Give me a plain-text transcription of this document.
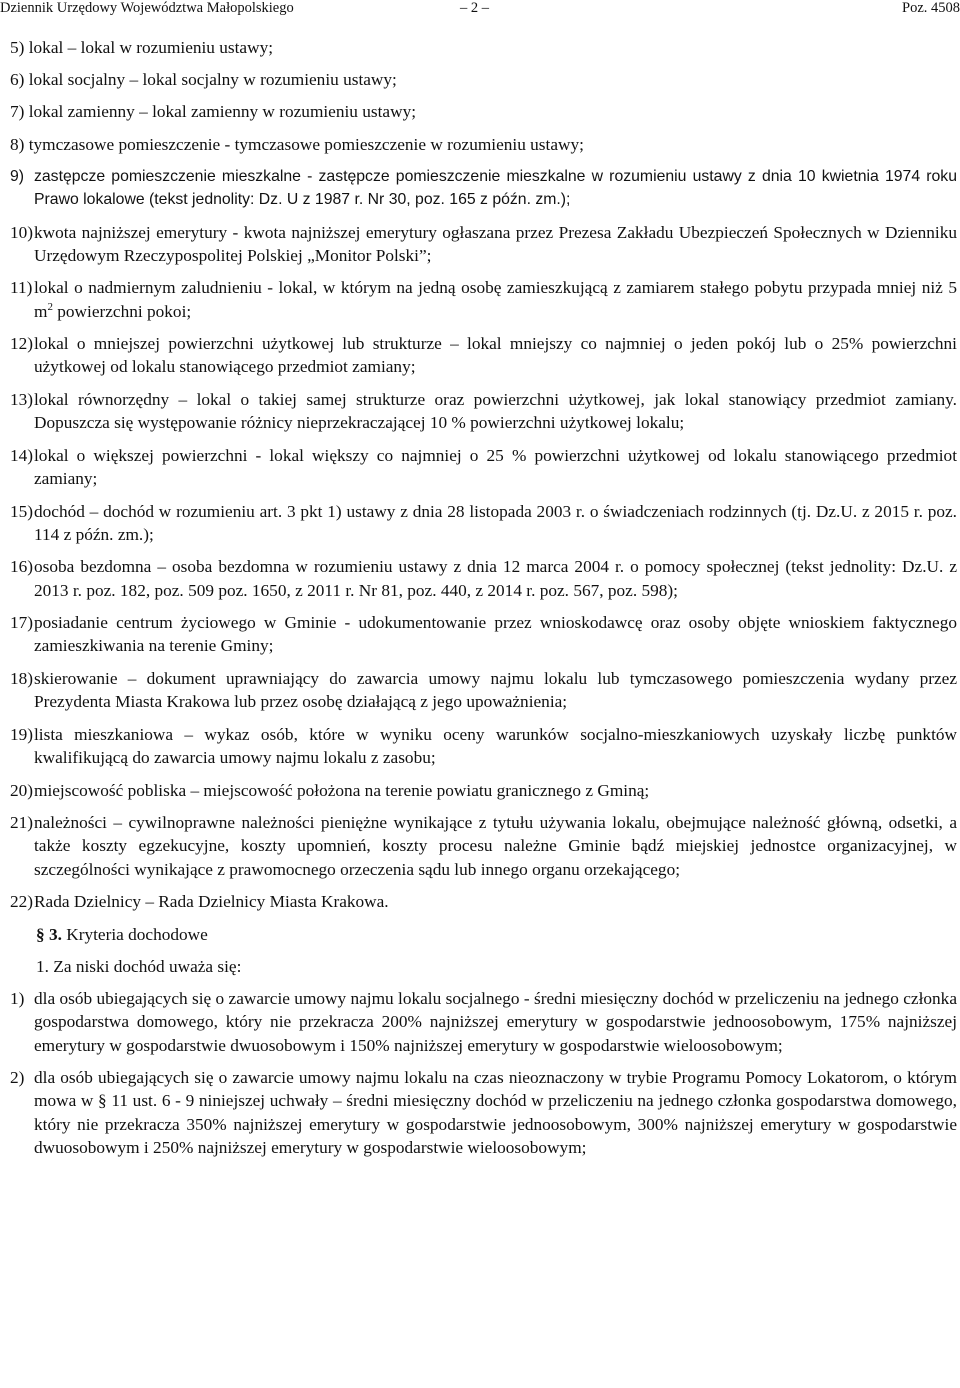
Dziennik Urzędowy Województwa Małopolskiego	– 2 –	Poz. 4508
5) lokal – lokal w rozumieniu ustawy;
6) lokal socjalny – lokal socjalny w rozumieniu ustawy;
7) lokal zamienny – lokal zamienny w rozumieniu ustawy;
8) tymczasowe pomieszczenie - tymczasowe pomieszczenie w rozumieniu ustawy;
9) zastępcze pomieszczenie mieszkalne - zastępcze pomieszczenie mieszkalne w rozumieniu ustawy z dnia 10 kwietnia 1974 roku Prawo lokalowe (tekst jednolity: Dz. U z 1987 r. Nr 30, poz. 165 z późn. zm.);
10) kwota najniższej emerytury - kwota najniższej emerytury ogłaszana przez Prezesa Zakładu Ubezpieczeń Społecznych w Dzienniku Urzędowym Rzeczypospolitej Polskiej „Monitor Polski”;
11) lokal o nadmiernym zaludnieniu - lokal, w którym na jedną osobę zamieszkującą z zamiarem stałego pobytu przypada mniej niż 5 $m^2$ powierzchni pokoi;
12) lokal o mniejszej powierzchni użytkowej lub strukturze – lokal mniejszy co najmniej o jeden pokój lub o 25% powierzchni użytkowej od lokalu stanowiącego przedmiot zamiany;
13) lokal równorzędny – lokal o takiej samej strukturze oraz powierzchni użytkowej, jak lokal stanowiący przedmiot zamiany. Dopuszcza się występowanie różnicy nieprzekraczającej 10 % powierzchni użytkowej lokalu;
14) lokal o większej powierzchni - lokal większy co najmniej o 25 % powierzchni użytkowej od lokalu stanowiącego przedmiot zamiany;
15) dochód – dochód w rozumieniu art. 3 pkt 1) ustawy z dnia 28 listopada 2003 r. o świadczeniach rodzinnych (tj. Dz.U. z 2015 r. poz. 114 z późn. zm.);
16) osoba bezdomna – osoba bezdomna w rozumieniu ustawy z dnia 12 marca 2004 r. o pomocy społecznej (tekst jednolity: Dz.U. z 2013 r. poz. 182, poz. 509 poz. 1650, z 2011 r. Nr 81, poz. 440, z 2014 r. poz. 567, poz. 598);
17) posiadanie centrum życiowego w Gminie - udokumentowanie przez wnioskodawcę oraz osoby objęte wnioskiem faktycznego zamieszkiwania na terenie Gminy;
18) skierowanie – dokument uprawniający do zawarcia umowy najmu lokalu lub tymczasowego pomieszczenia wydany przez Prezydenta Miasta Krakowa lub przez osobę działającą z jego upoważnienia;
19) lista mieszkaniowa – wykaz osób, które w wyniku oceny warunków socjalno-mieszkaniowych uzyskały liczbę punktów kwalifikującą do zawarcia umowy najmu lokalu z zasobu;
20) miejscowość pobliska – miejscowość położona na terenie powiatu granicznego z Gminą;
21) należności – cywilnoprawne należności pieniężne wynikające z tytułu używania lokalu, obejmujące należność główną, odsetki, a także koszty egzekucyjne, koszty upomnień, koszty procesu należne Gminie bądź miejskiej jednostce organizacyjnej, w szczególności wynikające z prawomocnego orzeczenia sądu lub innego organu orzekającego;
22) Rada Dzielnicy – Rada Dzielnicy Miasta Krakowa.
§ 3. Kryteria dochodowe
1. Za niski dochód uważa się:
1) dla osób ubiegających się o zawarcie umowy najmu lokalu socjalnego - średni miesięczny dochód w przeliczeniu na jednego członka gospodarstwa domowego, który nie przekracza 200% najniższej emerytury w gospodarstwie jednoosobowym, 175% najniższej emerytury w gospodarstwie dwuosobowym i 150% najniższej emerytury w gospodarstwie wieloosobowym;
2) dla osób ubiegających się o zawarcie umowy najmu lokalu na czas nieoznaczony w trybie Programu Pomocy Lokatorom, o którym mowa w § 11 ust. 6 - 9 niniejszej uchwały – średni miesięczny dochód w przeliczeniu na jednego członka gospodarstwa domowego, który nie przekracza 350% najniższej emerytury w gospodarstwie jednoosobowym, 300% najniższej emerytury w gospodarstwie dwuosobowym i 250% najniższej emerytury w gospodarstwie wieloosobowym;
